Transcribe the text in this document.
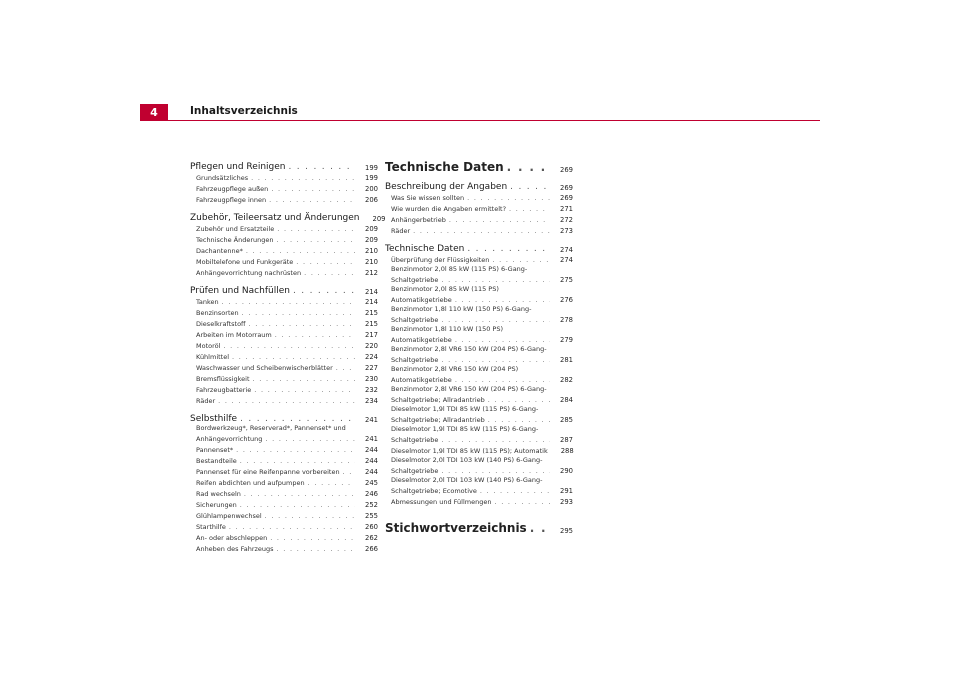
4	Inhaltsverzeichnis
Pflegen und Reinigen . . .	199
Grundsätzliches . . .	199
Fahrzeugpflege außen . . .	200
Fahrzeugpflege innen . . .	206
Zubehör, Teileersatz und Änderungen	209
Zubehör und Ersatzteile . . .	209
Technische Änderungen . . .	209
Dachantenne* . . .	210
Mobiltelefone und Funkgeräte . . .	210
Anhängevorrichtung nachrüsten . . .	212
Prüfen und Nachfüllen . . .	214
Tanken . . .	214
Benzinsorten . . .	215
Dieselkraftstoff . . .	215
Arbeiten im Motorraum . . .	217
Motoröl . . .	220
Kühlmittel . . .	224
Waschwasser und Scheibenwischerblätter . . .	227
Bremsflüssigkeit . . .	230
Fahrzeugbatterie . . .	232
Räder . . .	234
Selbsthilfe . . .	241
Bordwerkzeug*, Reserverad*, Pannenset* und
Anhängevorrichtung . . .	241
Pannenset* . . .	244
Bestandteile . . .	244
Pannenset für eine Reifenpanne vorbereiten . . .	244
Reifen abdichten und aufpumpen . . .	245
Rad wechseln . . .	246
Sicherungen . . .	252
Glühlampenwechsel . . .	255
Starthilfe . . .	260
An- oder abschleppen . . .	262
Anheben des Fahrzeugs . . .	266
Technische Daten . . .	269
Beschreibung der Angaben . . .	269
Was Sie wissen sollten . . .	269
Wie wurden die Angaben ermittelt? . . .	271
Anhängerbetrieb . . .	272
Räder . . .	273
Technische Daten . . .	274
Überprüfung der Flüssigkeiten . . .	274
Benzinmotor 2,0l 85 kW (115 PS) 6-Gang-
Schaltgetriebe . . .	275
Benzinmotor 2,0l 85 kW (115 PS)
Automatikgetriebe . . .	276
Benzinmotor 1,8l 110 kW (150 PS) 6-Gang-
Schaltgetriebe . . .	278
Benzinmotor 1,8l 110 kW (150 PS)
Automatikgetriebe . . .	279
Benzinmotor 2,8l VR6 150 kW (204 PS) 6-Gang-
Schaltgetriebe . . .	281
Benzinmotor 2,8l VR6 150 kW (204 PS)
Automatikgetriebe . . .	282
Benzinmotor 2,8l VR6 150 kW (204 PS) 6-Gang-
Schaltgetriebe; Allradantrieb . . .	284
Dieselmotor 1,9l TDI 85 kW (115 PS) 6-Gang-
Schaltgetriebe; Allradantrieb . . .	285
Dieselmotor 1,9l TDI 85 kW (115 PS) 6-Gang-
Schaltgetriebe . . .	287
Dieselmotor 1,9l TDI 85 kW (115 PS); Automatik	288
Dieselmotor 2,0l TDI 103 kW (140 PS) 6-Gang-
Schaltgetriebe . . .	290
Dieselmotor 2,0l TDI 103 kW (140 PS) 6-Gang-
Schaltgetriebe; Ecomotive . . .	291
Abmessungen und Füllmengen . . .	293
Stichwortverzeichnis . . .	295
